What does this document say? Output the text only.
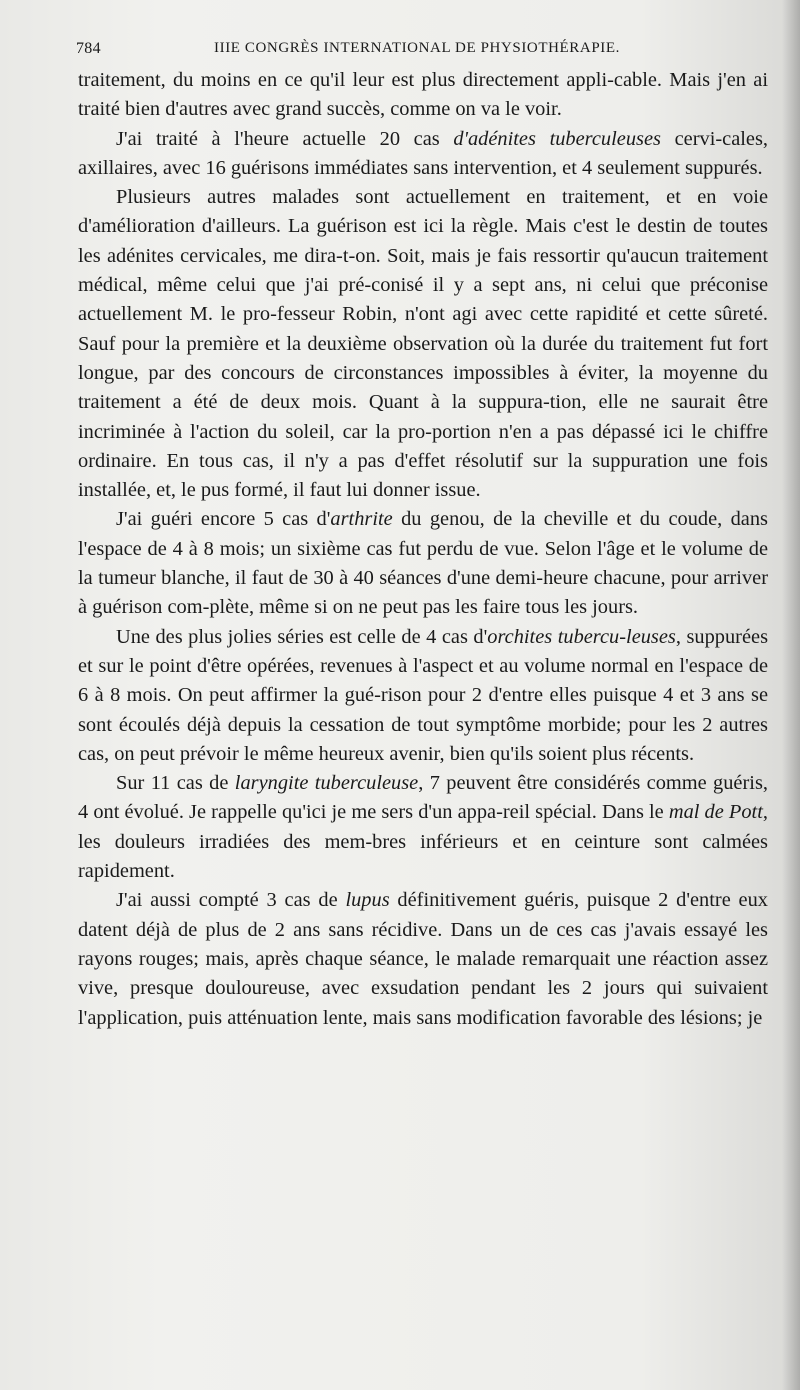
784	IIIE CONGRÈS INTERNATIONAL DE PHYSIOTHÉRAPIE.

traitement, du moins en ce qu'il leur est plus directement appli-cable. Mais j'en ai traité bien d'autres avec grand succès, comme on va le voir.

J'ai traité à l'heure actuelle 20 cas d'adénites tuberculeuses cervi-cales, axillaires, avec 16 guérisons immédiates sans intervention, et 4 seulement suppurés.

Plusieurs autres malades sont actuellement en traitement, et en voie d'amélioration d'ailleurs. La guérison est ici la règle. Mais c'est le destin de toutes les adénites cervicales, me dira-t-on. Soit, mais je fais ressortir qu'aucun traitement médical, même celui que j'ai pré-conisé il y a sept ans, ni celui que préconise actuellement M. le pro-fesseur Robin, n'ont agi avec cette rapidité et cette sûreté. Sauf pour la première et la deuxième observation où la durée du traitement fut fort longue, par des concours de circonstances impossibles à éviter, la moyenne du traitement a été de deux mois. Quant à la suppura-tion, elle ne saurait être incriminée à l'action du soleil, car la pro-portion n'en a pas dépassé ici le chiffre ordinaire. En tous cas, il n'y a pas d'effet résolutif sur la suppuration une fois installée, et, le pus formé, il faut lui donner issue.

J'ai guéri encore 5 cas d'arthrite du genou, de la cheville et du coude, dans l'espace de 4 à 8 mois; un sixième cas fut perdu de vue. Selon l'âge et le volume de la tumeur blanche, il faut de 30 à 40 séances d'une demi-heure chacune, pour arriver à guérison com-plète, même si on ne peut pas les faire tous les jours.

Une des plus jolies séries est celle de 4 cas d'orchites tubercu-leuses, suppurées et sur le point d'être opérées, revenues à l'aspect et au volume normal en l'espace de 6 à 8 mois. On peut affirmer la gué-rison pour 2 d'entre elles puisque 4 et 3 ans se sont écoulés déjà depuis la cessation de tout symptôme morbide; pour les 2 autres cas, on peut prévoir le même heureux avenir, bien qu'ils soient plus récents.

Sur 11 cas de laryngite tuberculeuse, 7 peuvent être considérés comme guéris, 4 ont évolué. Je rappelle qu'ici je me sers d'un appa-reil spécial. Dans le mal de Pott, les douleurs irradiées des mem-bres inférieurs et en ceinture sont calmées rapidement.

J'ai aussi compté 3 cas de lupus définitivement guéris, puisque 2 d'entre eux datent déjà de plus de 2 ans sans récidive. Dans un de ces cas j'avais essayé les rayons rouges; mais, après chaque séance, le malade remarquait une réaction assez vive, presque douloureuse, avec exsudation pendant les 2 jours qui suivaient l'application, puis atténuation lente, mais sans modification favorable des lésions; je
